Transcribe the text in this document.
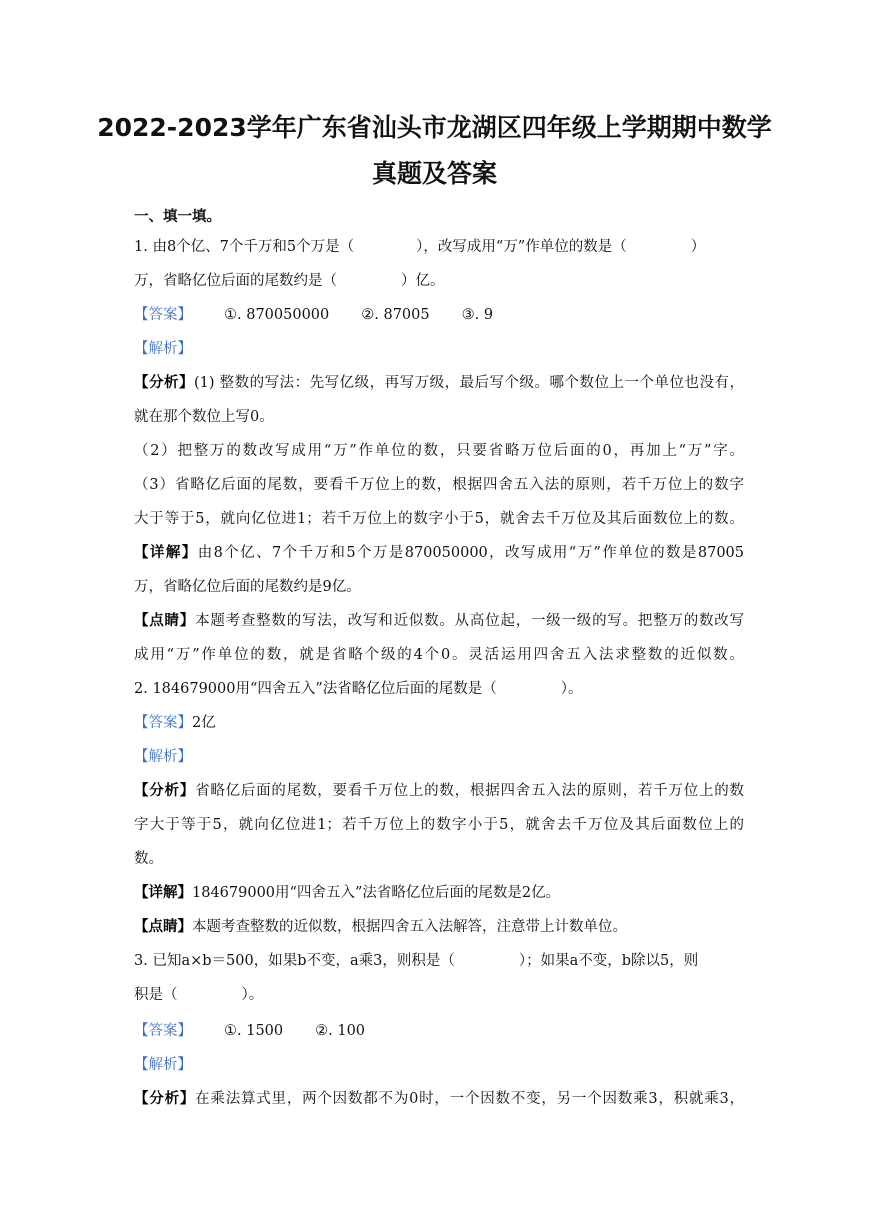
2022-2023学年广东省汕头市龙湖区四年级上学期期中数学
真题及答案
一、填一填。
1. 由8个亿、7个千万和5个万是（	），改写成用“万”作单位的数是（	）
万，省略亿位后面的尾数约是（	）亿。
【答案】 ①. 870050000 ②. 87005 ③. 9
【解析】
【分析】(1) 整数的写法：先写亿级，再写万级，最后写个级。哪个数位上一个单位也没有，
就在那个数位上写0。
（2）把整万的数改写成用“万”作单位的数，只要省略万位后面的0，再加上“万”字。
（3）省略亿后面的尾数，要看千万位上的数，根据四舍五入法的原则，若千万位上的数字
大于等于5，就向亿位进1；若千万位上的数字小于5，就舍去千万位及其后面数位上的数。
【详解】由8个亿、7个千万和5个万是870050000，改写成用“万”作单位的数是87005
万，省略亿位后面的尾数约是9亿。
【点睛】本题考查整数的写法，改写和近似数。从高位起，一级一级的写。把整万的数改写
成用“万”作单位的数，就是省略个级的4个0。灵活运用四舍五入法求整数的近似数。
2. 184679000用“四舍五入”法省略亿位后面的尾数是（	）。
【答案】2亿
【解析】
【分析】省略亿后面的尾数，要看千万位上的数，根据四舍五入法的原则，若千万位上的数
字大于等于5，就向亿位进1；若千万位上的数字小于5，就舍去千万位及其后面数位上的
数。
【详解】184679000用“四舍五入”法省略亿位后面的尾数是2亿。
【点睛】本题考查整数的近似数，根据四舍五入法解答，注意带上计数单位。
3. 已知a×b＝500，如果b不变，a乘3，则积是（	）；如果a不变，b除以5，则
积是（	）。
【答案】 ①. 1500 ②. 100
【解析】
【分析】在乘法算式里，两个因数都不为0时，一个因数不变，另一个因数乘3，积就乘3，
